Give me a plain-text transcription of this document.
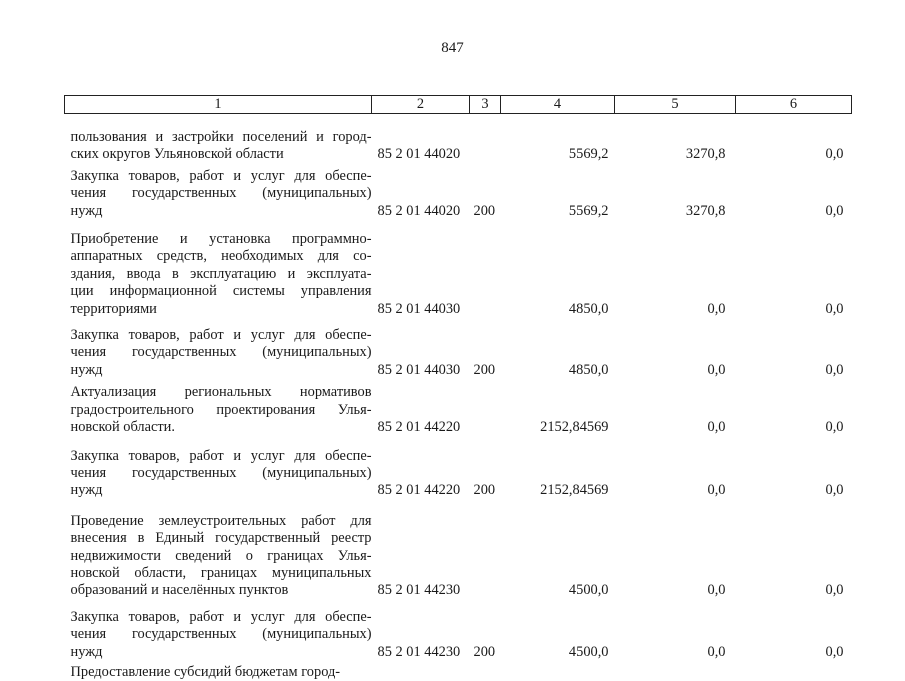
847
1	2	3	4	5	6

пользования и застройки поселений и город-
ских округов Ульяновской области	85 2 01 44020		5569,2	3270,8	0,0

Закупка товаров, работ и услуг для обеспе-
чения государственных (муниципальных)
нужд	85 2 01 44020	200	5569,2	3270,8	0,0

Приобретение и установка программно-
аппаратных средств, необходимых для со-
здания, ввода в эксплуатацию и эксплуата-
ции информационной системы управления
территориями	85 2 01 44030		4850,0	0,0	0,0

Закупка товаров, работ и услуг для обеспе-
чения государственных (муниципальных)
нужд	85 2 01 44030	200	4850,0	0,0	0,0

Актуализация региональных нормативов
градостроительного проектирования Улья-
новской области.	85 2 01 44220		2152,84569	0,0	0,0

Закупка товаров, работ и услуг для обеспе-
чения государственных (муниципальных)
нужд	85 2 01 44220	200	2152,84569	0,0	0,0

Проведение землеустроительных работ для
внесения в Единый государственный реестр
недвижимости сведений о границах Улья-
новской области, границах муниципальных
образований и населённых пунктов	85 2 01 44230		4500,0	0,0	0,0

Закупка товаров, работ и услуг для обеспе-
чения государственных (муниципальных)
нужд	85 2 01 44230	200	4500,0	0,0	0,0

Предоставление субсидий бюджетам город-					
